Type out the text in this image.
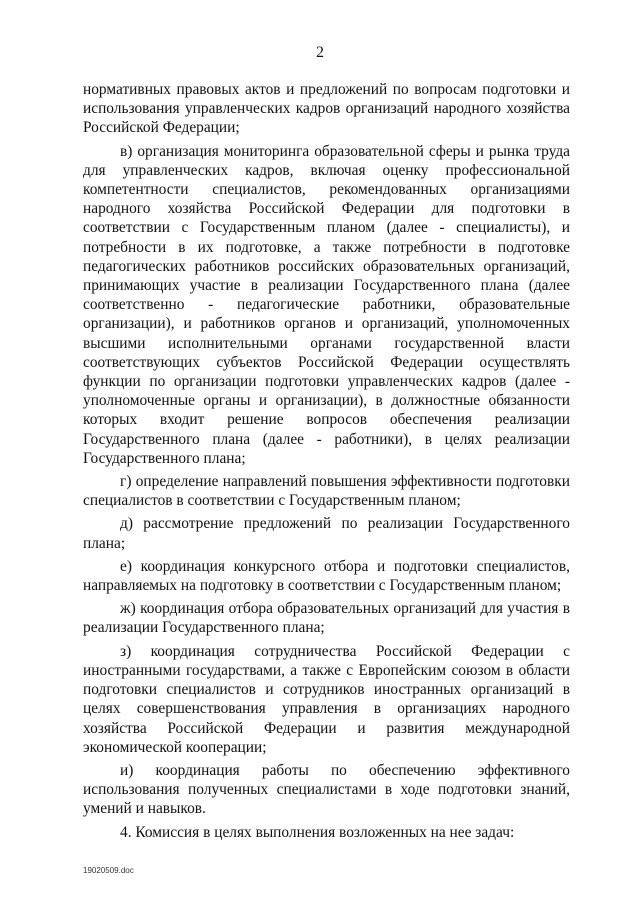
2

нормативных правовых актов и предложений по вопросам подготовки и использования управленческих кадров организаций народного хозяйства Российской Федерации;

в) организация мониторинга образовательной сферы и рынка труда для управленческих кадров, включая оценку профессиональной компетентности специалистов, рекомендованных организациями народного хозяйства Российской Федерации для подготовки в соответствии с Государственным планом (далее - специалисты), и потребности в их подготовке, а также потребности в подготовке педагогических работников российских образовательных организаций, принимающих участие в реализации Государственного плана (далее соответственно - педагогические работники, образовательные организации), и работников органов и организаций, уполномоченных высшими исполнительными органами государственной власти соответствующих субъектов Российской Федерации осуществлять функции по организации подготовки управленческих кадров (далее - уполномоченные органы и организации), в должностные обязанности которых входит решение вопросов обеспечения реализации Государственного плана (далее - работники), в целях реализации Государственного плана;

г) определение направлений повышения эффективности подготовки специалистов в соответствии с Государственным планом;

д) рассмотрение предложений по реализации Государственного плана;

е) координация конкурсного отбора и подготовки специалистов, направляемых на подготовку в соответствии с Государственным планом;

ж) координация отбора образовательных организаций для участия в реализации Государственного плана;

з) координация сотрудничества Российской Федерации с иностранными государствами, а также с Европейским союзом в области подготовки специалистов и сотрудников иностранных организаций в целях совершенствования управления в организациях народного хозяйства Российской Федерации и развития международной экономической кооперации;

и) координация работы по обеспечению эффективного использования полученных специалистами в ходе подготовки знаний, умений и навыков.

4. Комиссия в целях выполнения возложенных на нее задач:

19020509.doc
